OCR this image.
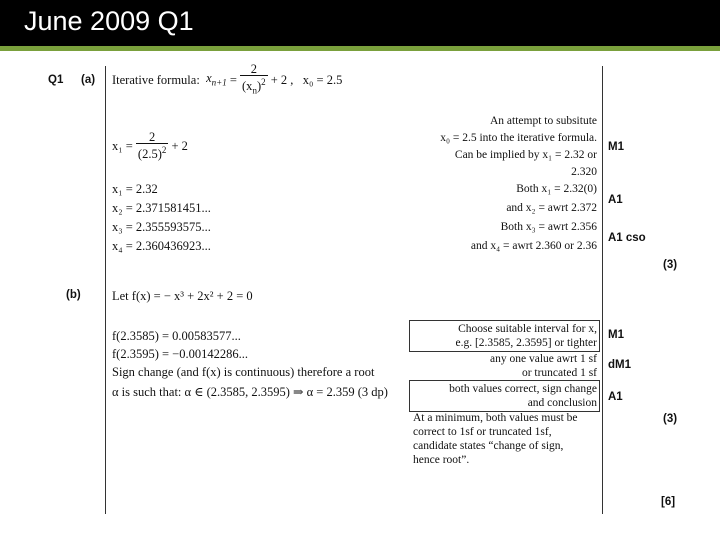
June 2009 Q1
Q1 (a)
(b)
Iterative formula:
$x_{n+1} = \frac{2}{(x_n)^2}$
+ 2 ,
x₀ = 2.5
x₁ =
$\frac{2}{(2.5)^2}$
+ 2
x₁ = 2.32
x₂ = 2.371581451...
x₃ = 2.355593575...
x₄ = 2.360436923...
An attempt to subsitute
x₀ = 2.5 into the iterative formula.
Can be implied by x₁ = 2.32 or
2.320
Both x₁ = 2.32(0)
and x₂ = awrt 2.372
Both x₃ = awrt 2.356
and x₄ = awrt 2.360 or 2.36
M1
A1
A1 cso
(3)
Let f(x) = − x³ + 2x² + 2 = 0
f(2.3585) = 0.00583577...
f(2.3595) = −0.00142286...
Sign change (and f(x) is continuous) therefore a root
α is such that: α ∈ (2.3585, 2.3595) ⇒ α = 2.359 (3 dp)
Choose suitable interval for x,
e.g. [2.3585, 2.3595] or tighter
any one value awrt 1 sf
or truncated 1 sf
both values correct, sign change
and conclusion
At a minimum, both values must be
correct to 1sf or truncated 1sf,
candidate states “change of sign,
hence root”.
M1
dM1
A1
(3)
[6]
